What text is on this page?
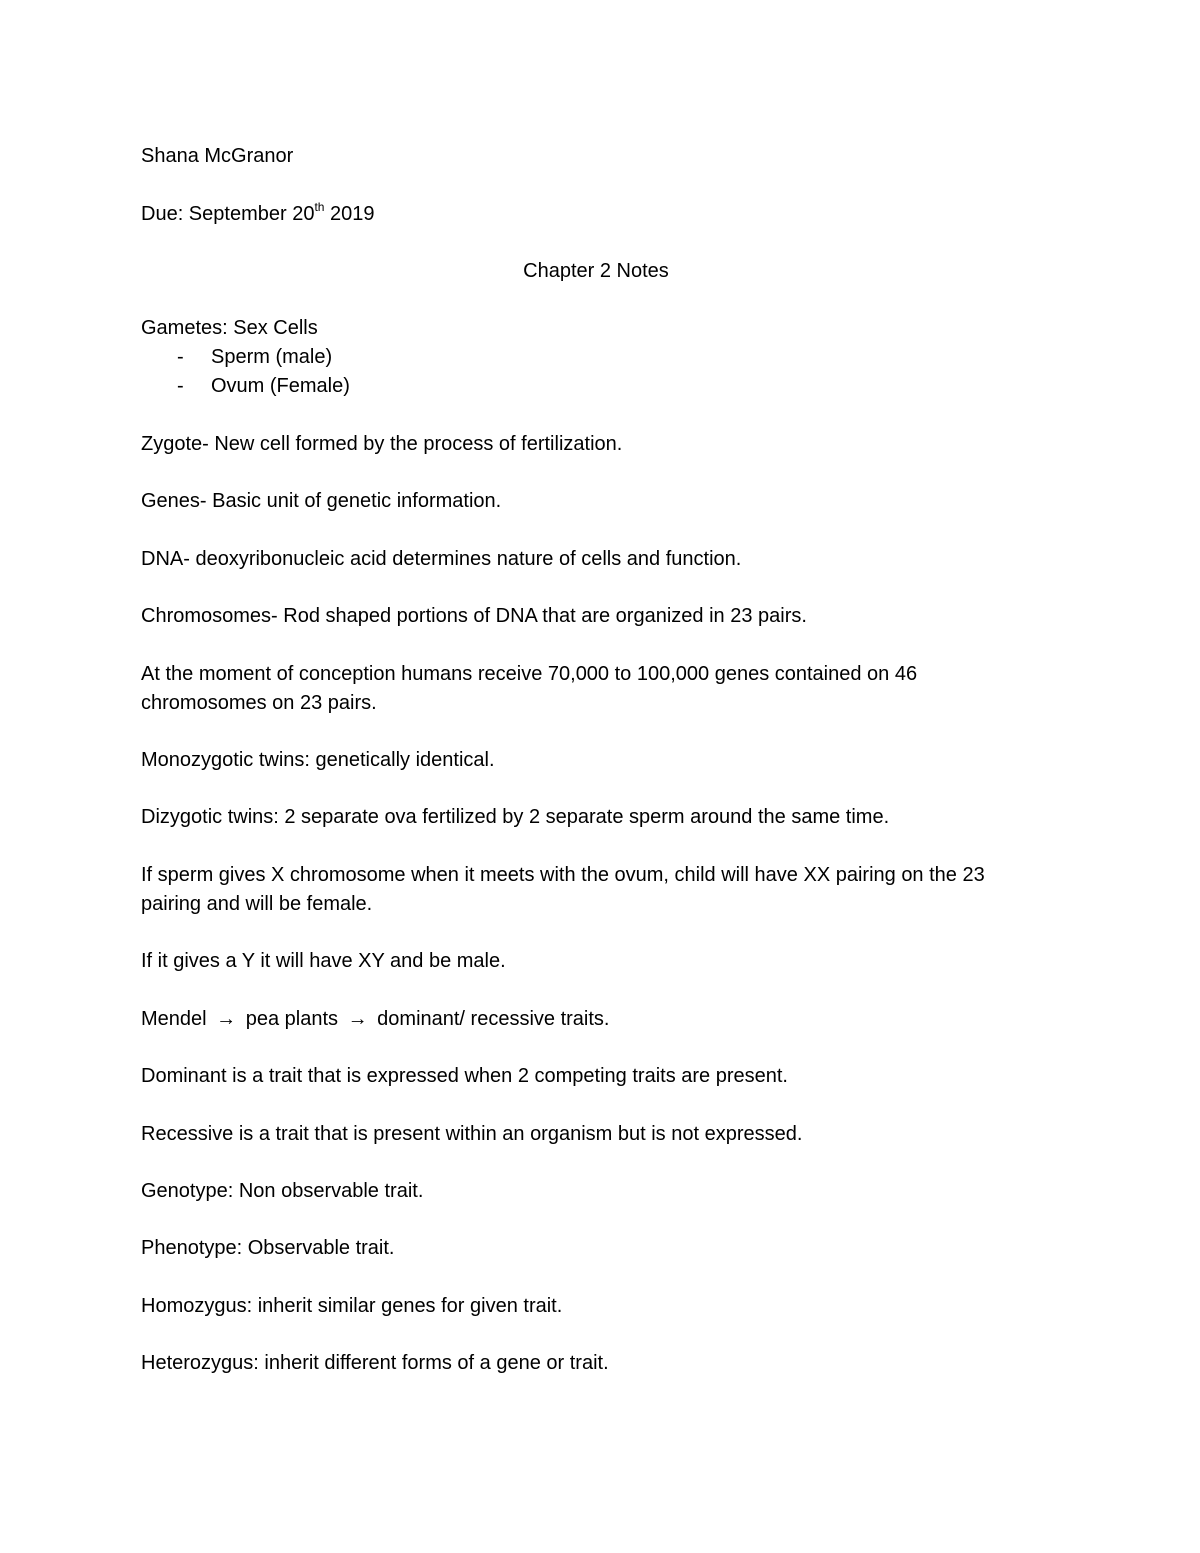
Shana McGranor

Due: September 20th 2019

Chapter 2 Notes

Gametes: Sex Cells

- Sperm (male)

- Ovum (Female)

Zygote- New cell formed by the process of fertilization.

Genes- Basic unit of genetic information.

DNA- deoxyribonucleic acid determines nature of cells and function.

Chromosomes- Rod shaped portions of DNA that are organized in 23 pairs.

At the moment of conception humans receive 70,000 to 100,000 genes contained on 46

chromosomes on 23 pairs.

Monozygotic twins: genetically identical.

Dizygotic twins: 2 separate ova fertilized by 2 separate sperm around the same time.

If sperm gives X chromosome when it meets with the ovum, child will have XX pairing on the 23

pairing and will be female.

If it gives a Y it will have XY and be male.

Mendel → pea plants → dominant/ recessive traits.

Dominant is a trait that is expressed when 2 competing traits are present.

Recessive is a trait that is present within an organism but is not expressed.

Genotype: Non observable trait.

Phenotype: Observable trait.

Homozygus: inherit similar genes for given trait.

Heterozygus: inherit different forms of a gene or trait.
